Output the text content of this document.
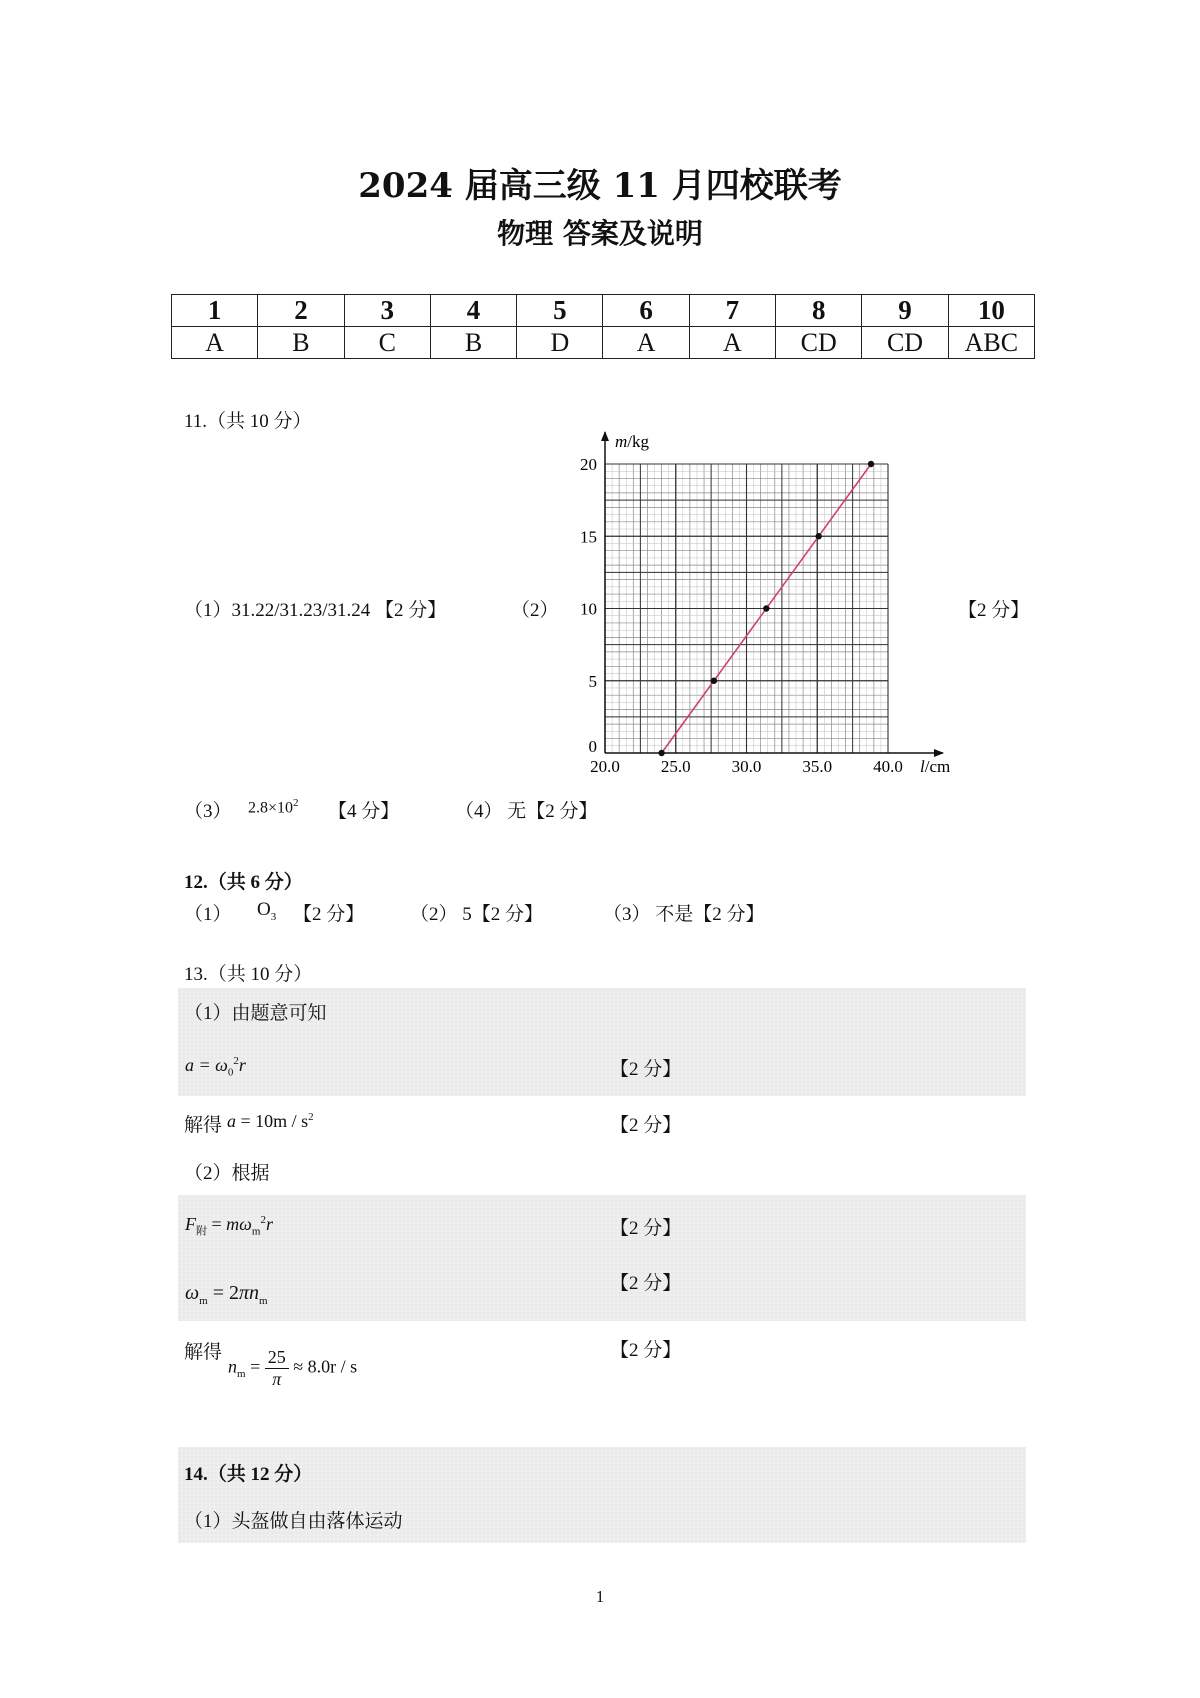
2024 届高三级 11 月四校联考
物理 答案及说明
1	2	3	4	5	6	7	8	9	10
A	B	C	B	D	A	A	CD	CD	ABC
11.（共 10 分）
（1）31.22/31.23/31.24 【2 分】	（2）	【2 分】
20.0 25.0 30.0 35.0 40.0
0
5
10
15
20
m/kg
l/cm
（3） $2.8\times 10^2$ 【4 分】	（4） 无【2 分】
12.（共 6 分）
（1） $O_3$ 【2 分】 （2） 5【2 分】	（3） 不是【2 分】
13.（共 10 分）
（1）由题意可知
$a = \omega_0^2r$	【2 分】
解得 $a = 10m / s^2$	【2 分】
（2）根据
$F_附 = m\omega_m^2r$	【2 分】
$\omega_m = 2\pi n_m$
【2 分】
解得
$n_m = \frac{25}{\pi} \approx 8.0r / s$
【2 分】
14.（共 12 分）
（1）头盔做自由落体运动
1
